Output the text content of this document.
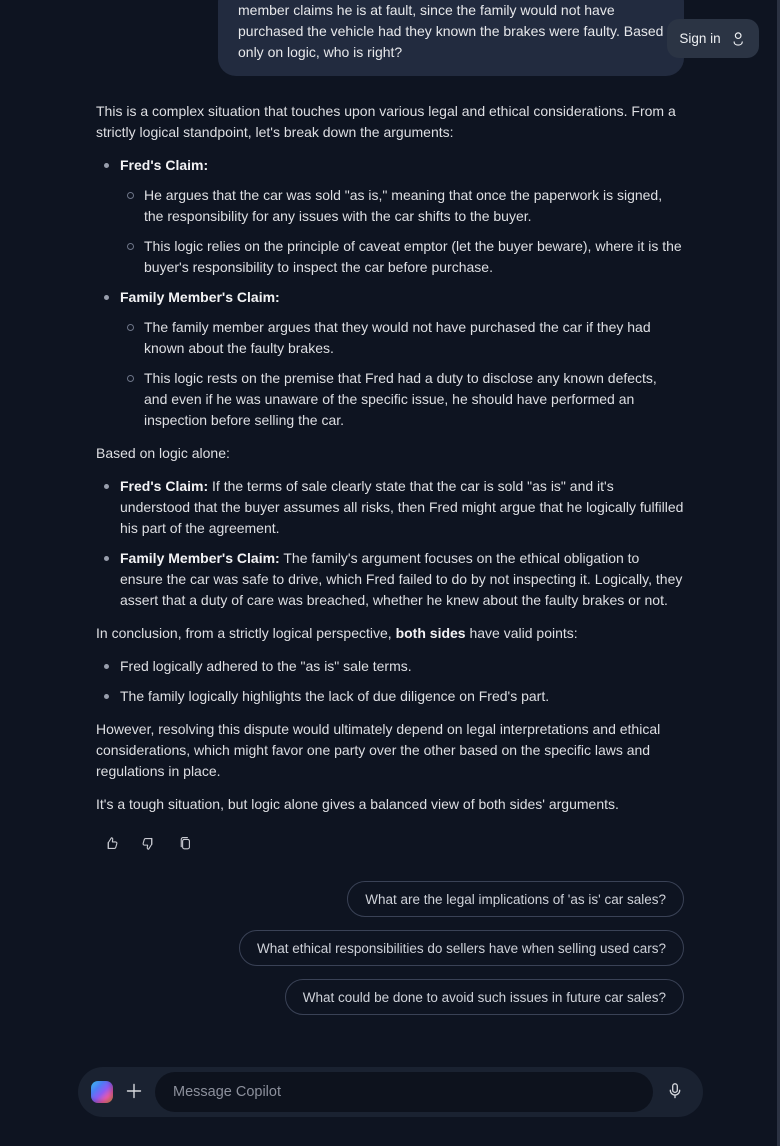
member claims he is at fault, since the family would not have purchased the vehicle had they known the brakes were faulty. Based only on logic, who is right?

This is a complex situation that touches upon various legal and ethical considerations. From a strictly logical standpoint, let's break down the arguments:

Fred's Claim:
He argues that the car was sold "as is," meaning that once the paperwork is signed, the responsibility for any issues with the car shifts to the buyer.
This logic relies on the principle of caveat emptor (let the buyer beware), where it is the buyer's responsibility to inspect the car before purchase.
Family Member's Claim:
The family member argues that they would not have purchased the car if they had known about the faulty brakes.
This logic rests on the premise that Fred had a duty to disclose any known defects, and even if he was unaware of the specific issue, he should have performed an inspection before selling the car.

Based on logic alone:

Fred's Claim: If the terms of sale clearly state that the car is sold "as is" and it's understood that the buyer assumes all risks, then Fred might argue that he logically fulfilled his part of the agreement.
Family Member's Claim: The family's argument focuses on the ethical obligation to ensure the car was safe to drive, which Fred failed to do by not inspecting it. Logically, they assert that a duty of care was breached, whether he knew about the faulty brakes or not.

In conclusion, from a strictly logical perspective, both sides have valid points:

Fred logically adhered to the "as is" sale terms.
The family logically highlights the lack of due diligence on Fred's part.

However, resolving this dispute would ultimately depend on legal interpretations and ethical considerations, which might favor one party over the other based on the specific laws and regulations in place.

It's a tough situation, but logic alone gives a balanced view of both sides' arguments.

What are the legal implications of 'as is' car sales?
What ethical responsibilities do sellers have when selling used cars?
What could be done to avoid such issues in future car sales?
Sign in
Message Copilot
